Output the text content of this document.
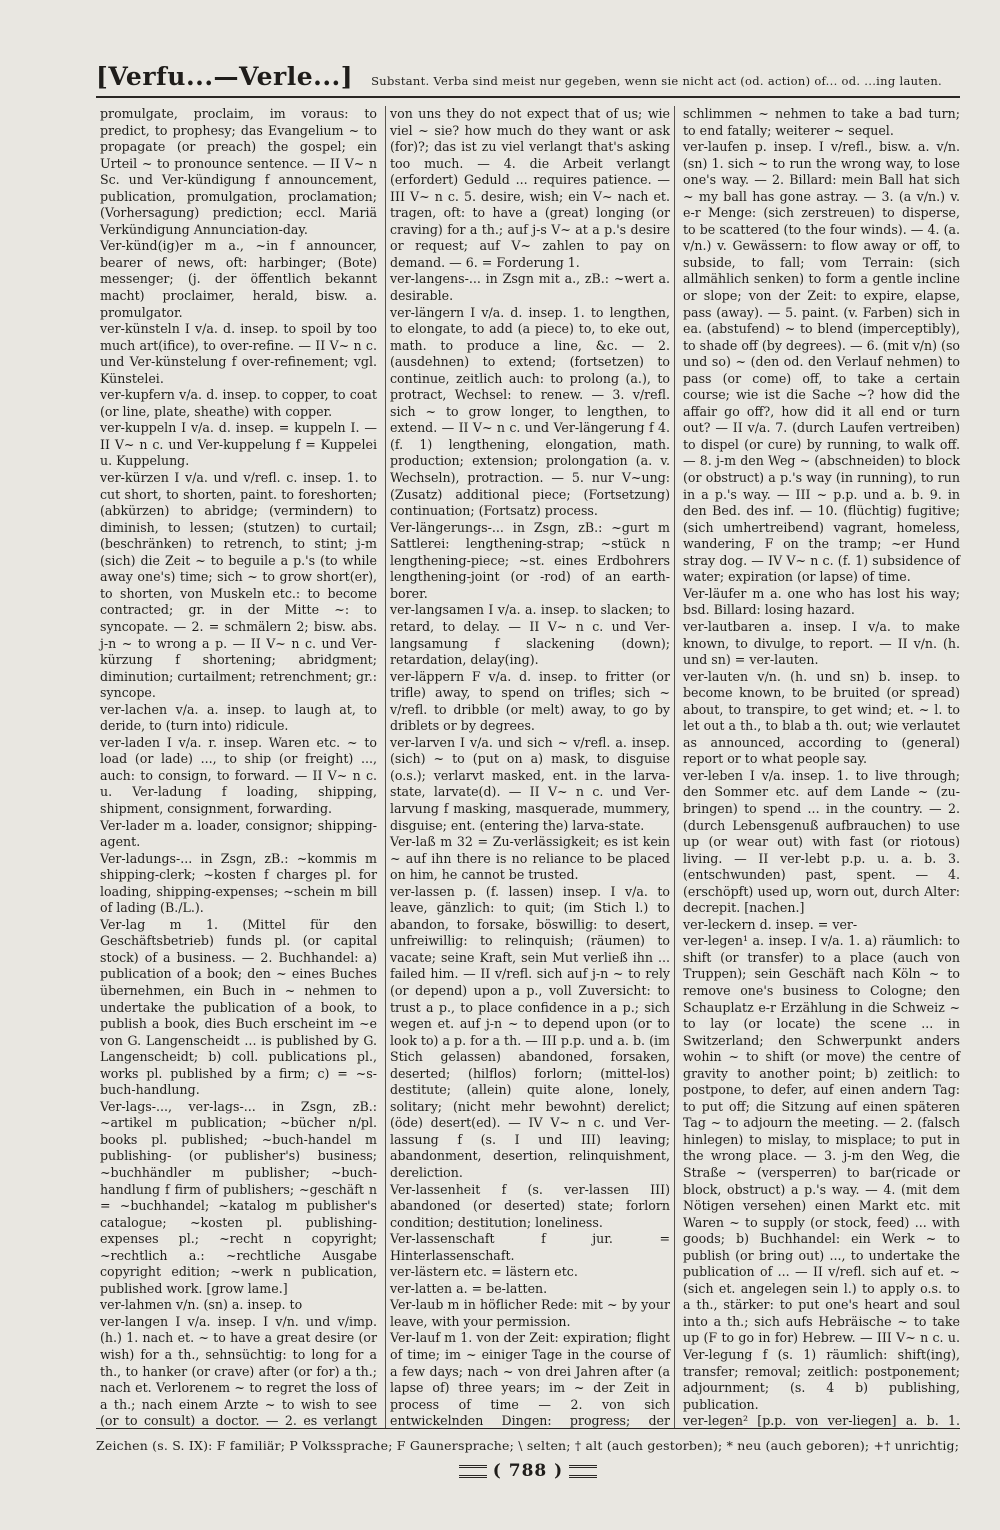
[Verfu...—Verle...] Substant. Verba sind meist nur gegeben, wenn sie nicht act (od. action) of... od. ...ing lauten.

promulgate, proclaim, im voraus: to predict, to prophesy; das Evangelium ~ to propagate (or preach) the gospel; ein Urteil ~ to pronounce sentence. — II V~ n Sc. und Ver-kündigung f announcement, publication, promulgation, proclamation; (Vorhersagung) prediction; eccl. Mariä Verkündigung Annunciation-day.

Ver-künd(ig)er m a., ~in f announcer, bearer of news, oft: harbinger; (Bote) messenger; (j. der öffentlich bekannt macht) proclaimer, herald, bisw. a. promulgator.

ver-künsteln I v/a. d. insep. to spoil by too much art(ifice), to over-refine. — II V~ n c. und Ver-künstelung f over-refinement; vgl. Künstelei.

ver-kupfern v/a. d. insep. to copper, to coat (or line, plate, sheathe) with copper.

ver-kuppeln I v/a. d. insep. = kuppeln I. — II V~ n c. und Ver-kuppelung f = Kuppelei u. Kuppelung.

ver-kürzen I v/a. und v/refl. c. insep. 1. to cut short, to shorten, paint. to foreshorten; (abkürzen) to abridge; (vermindern) to diminish, to lessen; (stutzen) to curtail; (beschränken) to retrench, to stint; j-m (sich) die Zeit ~ to beguile a p.'s (to while away one's) time; sich ~ to grow short(er), to shorten, von Muskeln etc.: to become contracted; gr. in der Mitte ~: to syncopate. — 2. = schmälern 2; bisw. abs. j-n ~ to wrong a p. — II V~ n c. und Ver-kürzung f shortening; abridgment; diminution; curtailment; retrenchment; gr.: syncope.

ver-lachen v/a. a. insep. to laugh at, to deride, to (turn into) ridicule.

ver-laden I v/a. r. insep. Waren etc. ~ to load (or lade) ..., to ship (or freight) ..., auch: to consign, to forward. — II V~ n c. u. Ver-ladung f loading, shipping, shipment, consignment, forwarding.

Ver-lader m a. loader, consignor; shipping-agent.

Ver-ladungs-... in Zsgn, zB.: ~kommis m shipping-clerk; ~kosten f charges pl. for loading, shipping-expenses; ~schein m bill of lading (B./L.).

Ver-lag m 1. (Mittel für den Geschäftsbetrieb) funds pl. (or capital stock) of a business. — 2. Buchhandel: a) publication of a book; den ~ eines Buches übernehmen, ein Buch in ~ nehmen to undertake the publication of a book, to publish a book, dies Buch erscheint im ~e von G. Langenscheidt ... is published by G. Langenscheidt; b) coll. publications pl., works pl. published by a firm; c) = ~s-buch-handlung.

Ver-lags-..., ver-lags-... in Zsgn, zB.: ~artikel m publication; ~bücher n/pl. books pl. published; ~buch-handel m publishing- (or publisher's) business; ~buchhändler m publisher; ~buch-handlung f firm of publishers; ~geschäft n = ~buchhandel; ~katalog m publisher's catalogue; ~kosten pl. publishing-expenses pl.; ~recht n copyright; ~rechtlich a.: ~rechtliche Ausgabe copyright edition; ~werk n publication, published work. [grow lame.]

ver-lahmen v/n. (sn) a. insep. to

ver-langen I v/a. insep. I v/n. und v/imp. (h.) 1. nach et. ~ to have a great desire (or wish) for a th., sehnsüchtig: to long for a th., to hanker (or crave) after (or for) a th.; nach et. Verlorenem ~ to regret the loss of a th.; nach einem Arzte ~ to wish to see (or to consult) a doctor. — 2. es verlangt

von uns they do not expect that of us; wie viel ~ sie? how much do they want or ask (for)?; das ist zu viel verlangt that's asking too much. — 4. die Arbeit verlangt (erfordert) Geduld ... requires patience. — III V~ n c. 5. desire, wish; ein V~ nach et. tragen, oft: to have a (great) longing (or craving) for a th.; auf j-s V~ at a p.'s desire or request; auf V~ zahlen to pay on demand. — 6. = Forderung 1.

ver-langens-... in Zsgn mit a., zB.: ~wert a. desirable.

ver-längern I v/a. d. insep. 1. to lengthen, to elongate, to add (a piece) to, to eke out, math. to produce a line, &c. — 2. (ausdehnen) to extend; (fortsetzen) to continue, zeitlich auch: to prolong (a.), to protract, Wechsel: to renew. — 3. v/refl. sich ~ to grow longer, to lengthen, to extend. — II V~ n c. und Ver-längerung f 4. (f. 1) lengthening, elongation, math. production; extension; prolongation (a. v. Wechseln), protraction. — 5. nur V~ung: (Zusatz) additional piece; (Fortsetzung) continuation; (Fortsatz) process.

Ver-längerungs-... in Zsgn, zB.: ~gurt m Sattlerei: lengthening-strap; ~stück n lengthening-piece; ~st. eines Erdbohrers lengthening-joint (or -rod) of an earth-borer.

ver-langsamen I v/a. a. insep. to slacken; to retard, to delay. — II V~ n c. und Ver-langsamung f slackening (down); retardation, delay(ing).

ver-läppern F v/a. d. insep. to fritter (or trifle) away, to spend on trifles; sich ~ v/refl. to dribble (or melt) away, to go by driblets or by degrees.

ver-larven I v/a. und sich ~ v/refl. a. insep. (sich) ~ to (put on a) mask, to disguise (o.s.); verlarvt masked, ent. in the larva-state, larvate(d). — II V~ n c. und Ver-larvung f masking, masquerade, mummery, disguise; ent. (entering the) larva-state.

Ver-laß m 32 = Zu-verlässigkeit; es ist kein ~ auf ihn there is no reliance to be placed on him, he cannot be trusted.

ver-lassen p. (f. lassen) insep. I v/a. to leave, gänzlich: to quit; (im Stich l.) to abandon, to forsake, böswillig: to desert, unfreiwillig: to relinquish; (räumen) to vacate; seine Kraft, sein Mut verließ ihn ... failed him. — II v/refl. sich auf j-n ~ to rely (or depend) upon a p., voll Zuversicht: to trust a p., to place confidence in a p.; sich wegen et. auf j-n ~ to depend upon (or to look to) a p. for a th. — III p.p. und a. b. (im Stich gelassen) abandoned, forsaken, deserted; (hilflos) forlorn; (mittel-los) destitute; (allein) quite alone, lonely, solitary; (nicht mehr bewohnt) derelict; (öde) desert(ed). — IV V~ n c. und Ver-lassung f (s. I und III) leaving; abandonment, desertion, relinquishment, dereliction.

Ver-lassenheit f (s. ver-lassen III) abandoned (or deserted) state; forlorn condition; destitution; loneliness.

Ver-lassenschaft f jur. = Hinterlassenschaft.

ver-lästern etc. = lästern etc.

ver-latten a. = be-latten.

Ver-laub m in höflicher Rede: mit ~ by your leave, with your permission.

Ver-lauf m 1. von der Zeit: expiration; flight of time; im ~ einiger Tage in the course of a few days; nach ~ von drei Jahren after (a lapse of) three years; im ~ der Zeit in process of time — 2. von sich entwickelnden Dingen: progress; der

schlimmen ~ nehmen to take a bad turn; to end fatally; weiterer ~ sequel.

ver-laufen p. insep. I v/refl., bisw. a. v/n. (sn) 1. sich ~ to run the wrong way, to lose one's way. — 2. Billard: mein Ball hat sich ~ my ball has gone astray. — 3. (a v/n.) v. e-r Menge: (sich zerstreuen) to disperse, to be scattered (to the four winds). — 4. (a. v/n.) v. Gewässern: to flow away or off, to subside, to fall; vom Terrain: (sich allmählich senken) to form a gentle incline or slope; von der Zeit: to expire, elapse, pass (away). — 5. paint. (v. Farben) sich in ea. (abstufend) ~ to blend (imperceptibly), to shade off (by degrees). — 6. (mit v/n) (so und so) ~ (den od. den Verlauf nehmen) to pass (or come) off, to take a certain course; wie ist die Sache ~? how did the affair go off?, how did it all end or turn out? — II v/a. 7. (durch Laufen vertreiben) to dispel (or cure) by running, to walk off. — 8. j-m den Weg ~ (abschneiden) to block (or obstruct) a p.'s way (in running), to run in a p.'s way. — III ~ p.p. und a. b. 9. in den Bed. des inf. — 10. (flüchtig) fugitive; (sich umhertreibend) vagrant, homeless, wandering, F on the tramp; ~er Hund stray dog. — IV V~ n c. (f. 1) subsidence of water; expiration (or lapse) of time.

Ver-läufer m a. one who has lost his way; bsd. Billard: losing hazard.

ver-lautbaren a. insep. I v/a. to make known, to divulge, to report. — II v/n. (h. und sn) = ver-lauten.

ver-lauten v/n. (h. und sn) b. insep. to become known, to be bruited (or spread) about, to transpire, to get wind; et. ~ l. to let out a th., to blab a th. out; wie verlautet as announced, according to (general) report or to what people say.

ver-leben I v/a. insep. 1. to live through; den Sommer etc. auf dem Lande ~ (zu-bringen) to spend ... in the country. — 2. (durch Lebensgenuß aufbrauchen) to use up (or wear out) with fast (or riotous) living. — II ver-lebt p.p. u. a. b. 3. (entschwunden) past, spent. — 4. (erschöpft) used up, worn out, durch Alter: decrepit. [nachen.]

ver-leckern d. insep. = ver-

ver-legen¹ a. insep. I v/a. 1. a) räumlich: to shift (or transfer) to a place (auch von Truppen); sein Geschäft nach Köln ~ to remove one's business to Cologne; den Schauplatz e-r Erzählung in die Schweiz ~ to lay (or locate) the scene ... in Switzerland; den Schwerpunkt anders wohin ~ to shift (or move) the centre of gravity to another point; b) zeitlich: to postpone, to defer, auf einen andern Tag: to put off; die Sitzung auf einen späteren Tag ~ to adjourn the meeting. — 2. (falsch hinlegen) to mislay, to misplace; to put in the wrong place. — 3. j-m den Weg, die Straße ~ (versperren) to bar(ricade or block, obstruct) a p.'s way. — 4. (mit dem Nötigen versehen) einen Markt etc. mit Waren ~ to supply (or stock, feed) ... with goods; b) Buchhandel: ein Werk ~ to publish (or bring out) ..., to undertake the publication of ... — II v/refl. sich auf et. ~ (sich et. angelegen sein l.) to apply o.s. to a th., stärker: to put one's heart and soul into a th.; sich aufs Hebräische ~ to take up (F to go in for) Hebrew. — III V~ n c. u. Ver-legung f (s. 1) räumlich: shift(ing), transfer; removal; zeitlich: postponement; adjournment; (s. 4 b) publishing, publication.

ver-legen² [p.p. von ver-liegen] a. b. 1.

Zeichen (s. S. IX): F familiär; P Volkssprache; F Gaunersprache; \ selten; † alt (auch gestorben); * neu (auch geboren); +† unrichtig;
( 788 )
